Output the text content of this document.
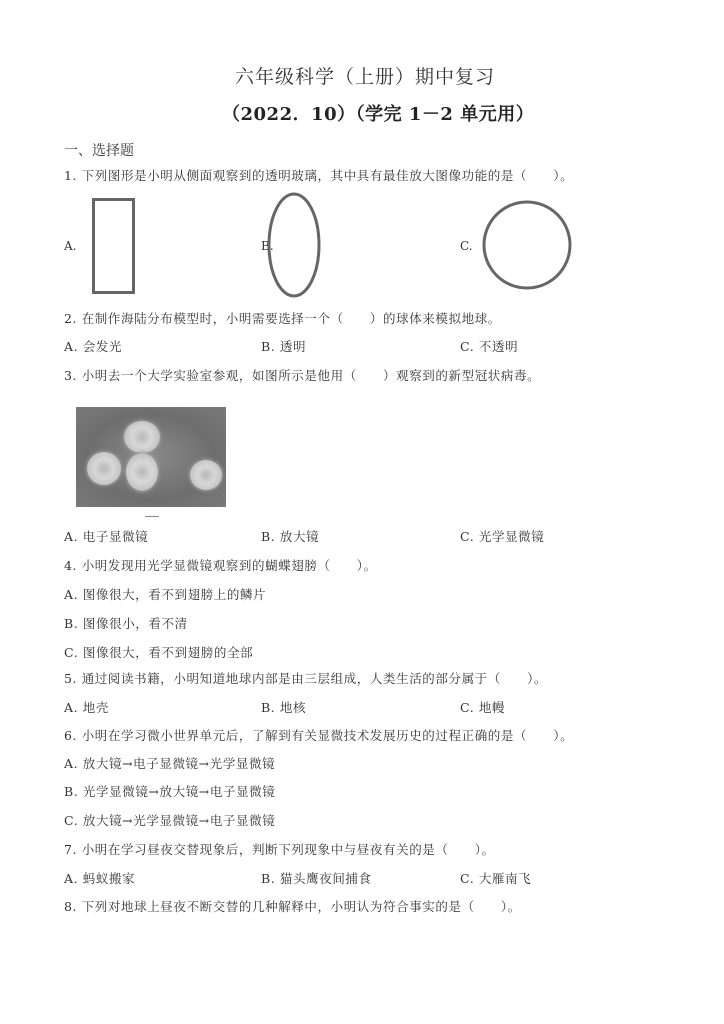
六年级科学（上册）期中复习
（2022．10）（学完 1－2 单元用）
一、选择题
1. 下列图形是小明从侧面观察到的透明玻璃，其中具有最佳放大图像功能的是（　　）。
A.	B.	C.
2. 在制作海陆分布模型时，小明需要选择一个（　　）的球体来模拟地球。
A. 会发光	B. 透明	C. 不透明
3. 小明去一个大学实验室参观，如图所示是他用（　　）观察到的新型冠状病毒。
A. 电子显微镜	B. 放大镜	C. 光学显微镜
4. 小明发现用光学显微镜观察到的蝴蝶翅膀（　　）。
A. 图像很大，看不到翅膀上的鳞片
B. 图像很小，看不清
C. 图像很大，看不到翅膀的全部
5. 通过阅读书籍，小明知道地球内部是由三层组成，人类生活的部分属于（　　）。
A. 地壳	B. 地核	C. 地幔
6. 小明在学习微小世界单元后，了解到有关显微技术发展历史的过程正确的是（　　）。
A. 放大镜→电子显微镜→光学显微镜
B. 光学显微镜→放大镜→电子显微镜
C. 放大镜→光学显微镜→电子显微镜
7. 小明在学习昼夜交替现象后，判断下列现象中与昼夜有关的是（　　）。
A. 蚂蚁搬家	B. 猫头鹰夜间捕食	C. 大雁南飞
8. 下列对地球上昼夜不断交替的几种解释中，小明认为符合事实的是（　　）。
